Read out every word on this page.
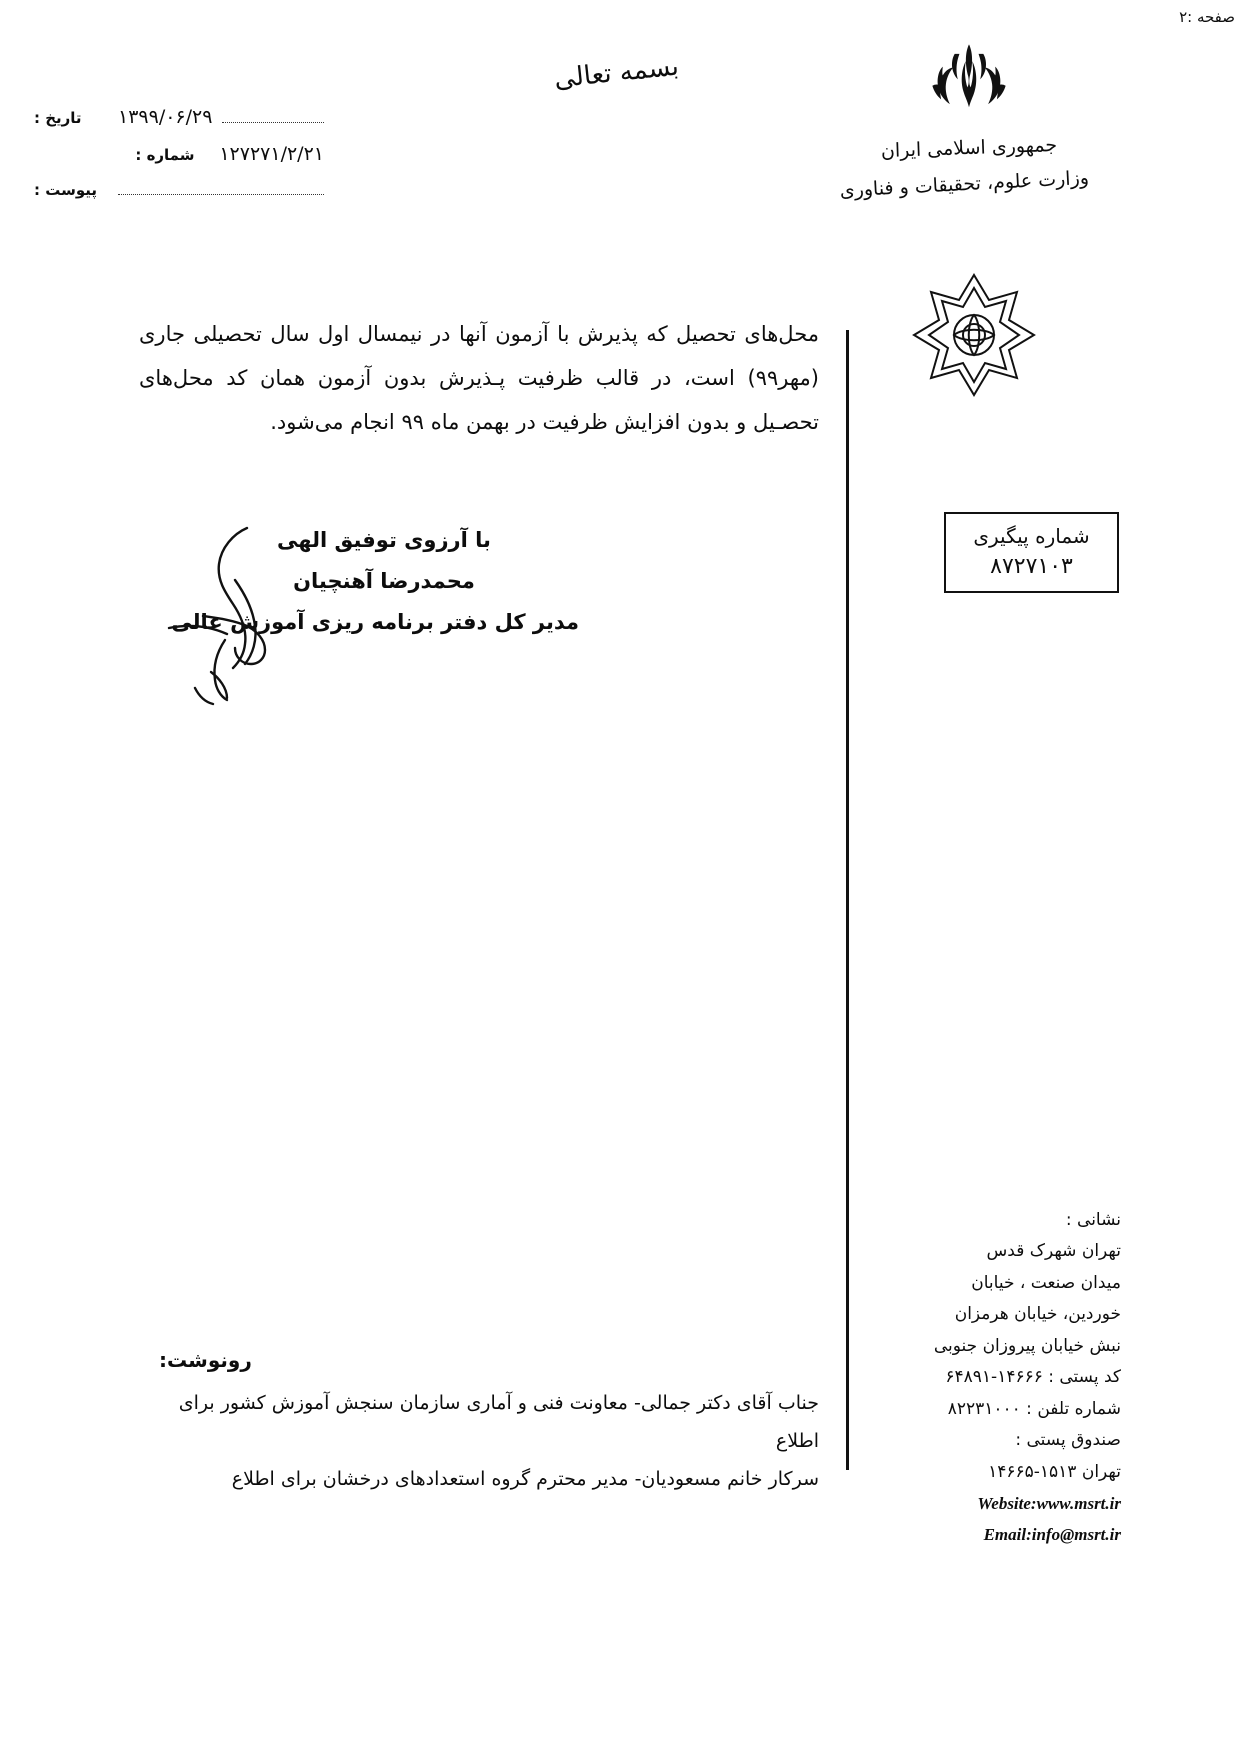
صفحه :۲
بسمه تعالی
جمهوری اسلامی ایران
وزارت علوم، تحقیقات و فناوری
۱۳۹۹/۰۶/۲۹
تاریخ :
۱۲۷۲۷۱/۲/۲۱
شماره :
پیوست :
شماره پیگیری
۸۷۲۷۱۰۳
محل‌های تحصیل که پذیرش با آزمون آنها در نیمسال اول سال تحصیلی جاری (مهر۹۹) است، در قالب ظرفیت پـذیرش بدون آزمون همان کد محل‌های تحصـیل و بدون افزایش ظرفیت در بهمن ماه ۹۹ انجام می‌شود.
با آرزوی توفیق الهی
محمدرضا آهنچیان
مدیر کل دفتر برنامه ریزی آموزش عالی
رونوشت:
جناب آقای دکتر جمالی- معاونت فنی و آماری سازمان سنجش آموزش کشور برای اطلاع
سرکار خانم مسعودیان- مدیر محترم گروه استعدادهای درخشان برای اطلاع
نشانی :
تهران شهرک قدس
میدان صنعت ، خیابان
خوردین، خیابان هرمزان
نبش خیابان پیروزان جنوبی
کد پستی : ۱۴۶۶۶-۶۴۸۹۱
شماره تلفن : ۸۲۲۳۱۰۰۰
صندوق پستی :
تهران ۱۵۱۳-۱۴۶۶۵
Website:www.msrt.ir
Email:info@msrt.ir
